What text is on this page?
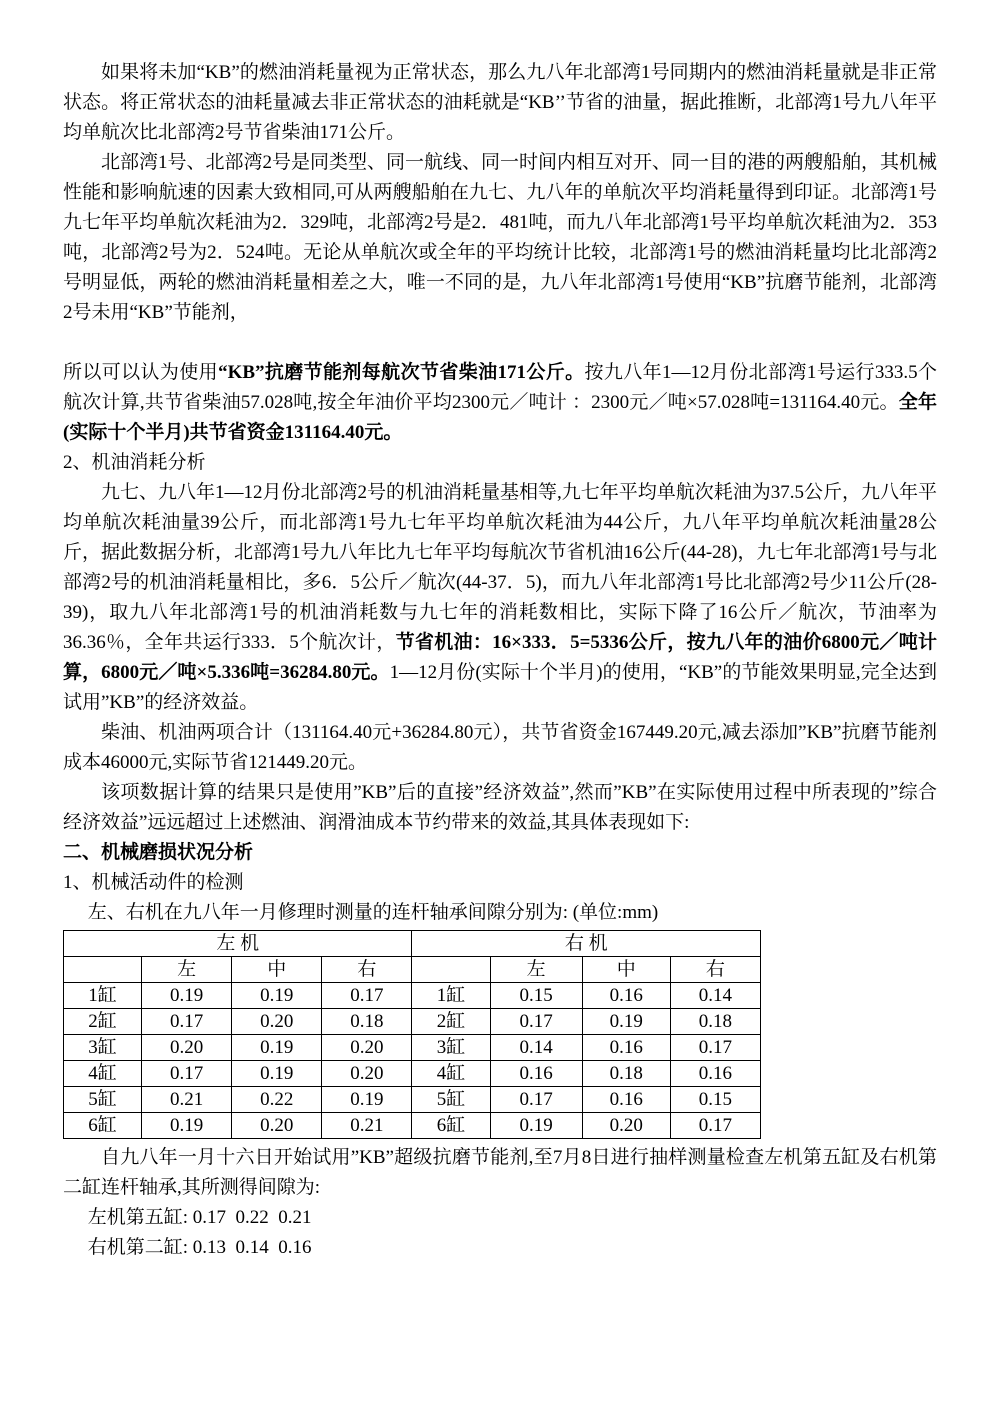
如果将未加“KB”的燃油消耗量视为正常状态，那么九八年北部湾1号同期内的燃油消耗量就是非正常状态。将正常状态的油耗量减去非正常状态的油耗就是“KB’’节省的油量，据此推断，北部湾1号九八年平均单航次比北部湾2号节省柴油171公斤。

北部湾1号、北部湾2号是同类型、同一航线、同一时间内相互对开、同一目的港的两艘船舶，其机械性能和影响航速的因素大致相同,可从两艘船舶在九七、九八年的单航次平均消耗量得到印证。北部湾1号九七年平均单航次耗油为2．329吨，北部湾2号是2．481吨，而九八年北部湾1号平均单航次耗油为2．353吨，北部湾2号为2．524吨。无论从单航次或全年的平均统计比较，北部湾1号的燃油消耗量均比北部湾2号明显低，两轮的燃油消耗量相差之大，唯一不同的是，九八年北部湾1号使用“KB”抗磨节能剂，北部湾2号未用“KB”节能剂，

所以可以认为使用“KB”抗磨节能剂每航次节省柴油171公斤。按九八年1—12月份北部湾1号运行333.5个航次计算,共节省柴油57.028吨,按全年油价平均2300元／吨计 ：2300元／吨×57.028吨=131164.40元。全年(实际十个半月)共节省资金131164.40元。

2、机油消耗分析

九七、九八年1—12月份北部湾2号的机油消耗量基相等,九七年平均单航次耗油为37.5公斤，九八年平均单航次耗油量39公斤，而北部湾1号九七年平均单航次耗油为44公斤，九八年平均单航次耗油量28公斤，据此数据分析，北部湾1号九八年比九七年平均每航次节省机油16公斤(44-28)，九七年北部湾1号与北部湾2号的机油消耗量相比，多6．5公斤／航次(44-37．5)，而九八年北部湾1号比北部湾2号少11公斤(28-39)，取九八年北部湾1号的机油消耗数与九七年的消耗数相比，实际下降了16公斤／航次，节油率为36.36％，全年共运行333．5个航次计，节省机油：16×333．5=5336公斤，按九八年的油价6800元／吨计算，6800元／吨×5.336吨=36284.80元。1—12月份(实际十个半月)的使用，“KB”的节能效果明显,完全达到试用”KB”的经济效益。

柴油、机油两项合计（131164.40元+36284.80元），共节省资金167449.20元,减去添加”KB”抗磨节能剂成本46000元,实际节省121449.20元。

该项数据计算的结果只是使用”KB”后的直接”经济效益”,然而”KB”在实际使用过程中所表现的”综合经济效益”远远超过上述燃油、润滑油成本节约带来的效益,其具体表现如下:

二、机械磨损状况分析

1、机械活动件的检测

左、右机在九八年一月修理时测量的连杆轴承间隙分别为: (单位:mm)

左 机				右 机			
	左	中	右		左	中	右
1缸	0.19	0.19	0.17	1缸	0.15	0.16	0.14
2缸	0.17	0.20	0.18	2缸	0.17	0.19	0.18
3缸	0.20	0.19	0.20	3缸	0.14	0.16	0.17
4缸	0.17	0.19	0.20	4缸	0.16	0.18	0.16
5缸	0.21	0.22	0.19	5缸	0.17	0.16	0.15
6缸	0.19	0.20	0.21	6缸	0.19	0.20	0.17

自九八年一月十六日开始试用”KB”超级抗磨节能剂,至7月8日进行抽样测量检查左机第五缸及右机第二缸连杆轴承,其所测得间隙为:

左机第五缸: 0.17  0.22  0.21

右机第二缸: 0.13  0.14  0.16
